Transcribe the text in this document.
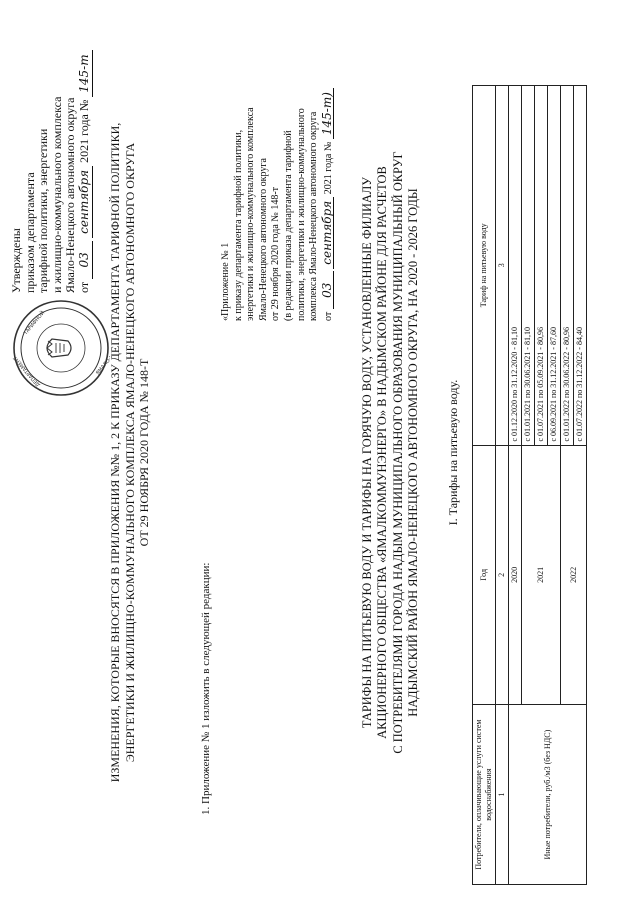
Утверждены приказом департамента тарифной политики, энергетики и жилищно-коммунального комплекса Ямало-Ненецкого автономного округа от 03 сентября 2021 года № 145-т
ДЕПАРТАМЕНТ
ТАРИФНОЙ
ЯМАЛО-НЕНЕЦКОГО
ИЗМЕНЕНИЯ, КОТОРЫЕ ВНОСЯТСЯ В ПРИЛОЖЕНИЯ №№ 1, 2 К ПРИКАЗУ ДЕПАРТАМЕНТА ТАРИФНОЙ ПОЛИТИКИ, ЭНЕРГЕТИКИ И ЖИЛИЩНО-КОММУНАЛЬНОГО КОМПЛЕКСА ЯМАЛО-НЕНЕЦКОГО АВТОНОМНОГО ОКРУГА ОТ 29 НОЯБРЯ 2020 ГОДА № 148-Т
1. Приложение № 1 изложить в следующей редакции:
«Приложение № 1 к приказу департамента тарифной политики, энергетики и жилищно-коммунального комплекса Ямало-Ненецкого автономного округа от 29 ноября 2020 года № 148-т (в редакции приказа департамента тарифной политики, энергетики и жилищно-коммунального комплекса Ямало-Ненецкого автономного округа от 03 сентября 2021 года № 145-т)
ТАРИФЫ НА ПИТЬЕВУЮ ВОДУ И ТАРИФЫ НА ГОРЯЧУЮ ВОДУ, УСТАНОВЛЕННЫЕ ФИЛИАЛУ АКЦИОНЕРНОГО ОБЩЕСТВА «ЯМАЛКОММУНЭНЕРГО» В НАДЫМСКОМ РАЙОНЕ ДЛЯ РАСЧЕТОВ С ПОТРЕБИТЕЛЯМИ ГОРОДА НАДЫМ МУНИЦИПАЛЬНОГО ОБРАЗОВАНИЯ МУНИЦИПАЛЬНЫЙ ОКРУГ НАДЫМСКИЙ РАЙОН ЯМАЛО-НЕНЕЦКОГО АВТОНОМНОГО ОКРУГА, НА 2020 - 2026 ГОДЫ I. Тарифы на питьевую воду.
Потребители, оплачивающие услуги систем водоснабжения	Год	Тариф на питьевую воду
1	2	3
Иные потребители, руб./м3 (без НДС)	2020	с 01.12.2020 по 31.12.2020 - 81,10
	2021	с 01.01.2021 по 30.06.2021 - 81,10
		с 01.07.2021 по 05.09.2021 - 80,96
		с 06.09.2021 по 31.12.2021 - 87,60
	2022	с 01.01.2022 по 30.06.2022 - 80,96
		с 01.07.2022 по 31.12.2022 - 84,40
